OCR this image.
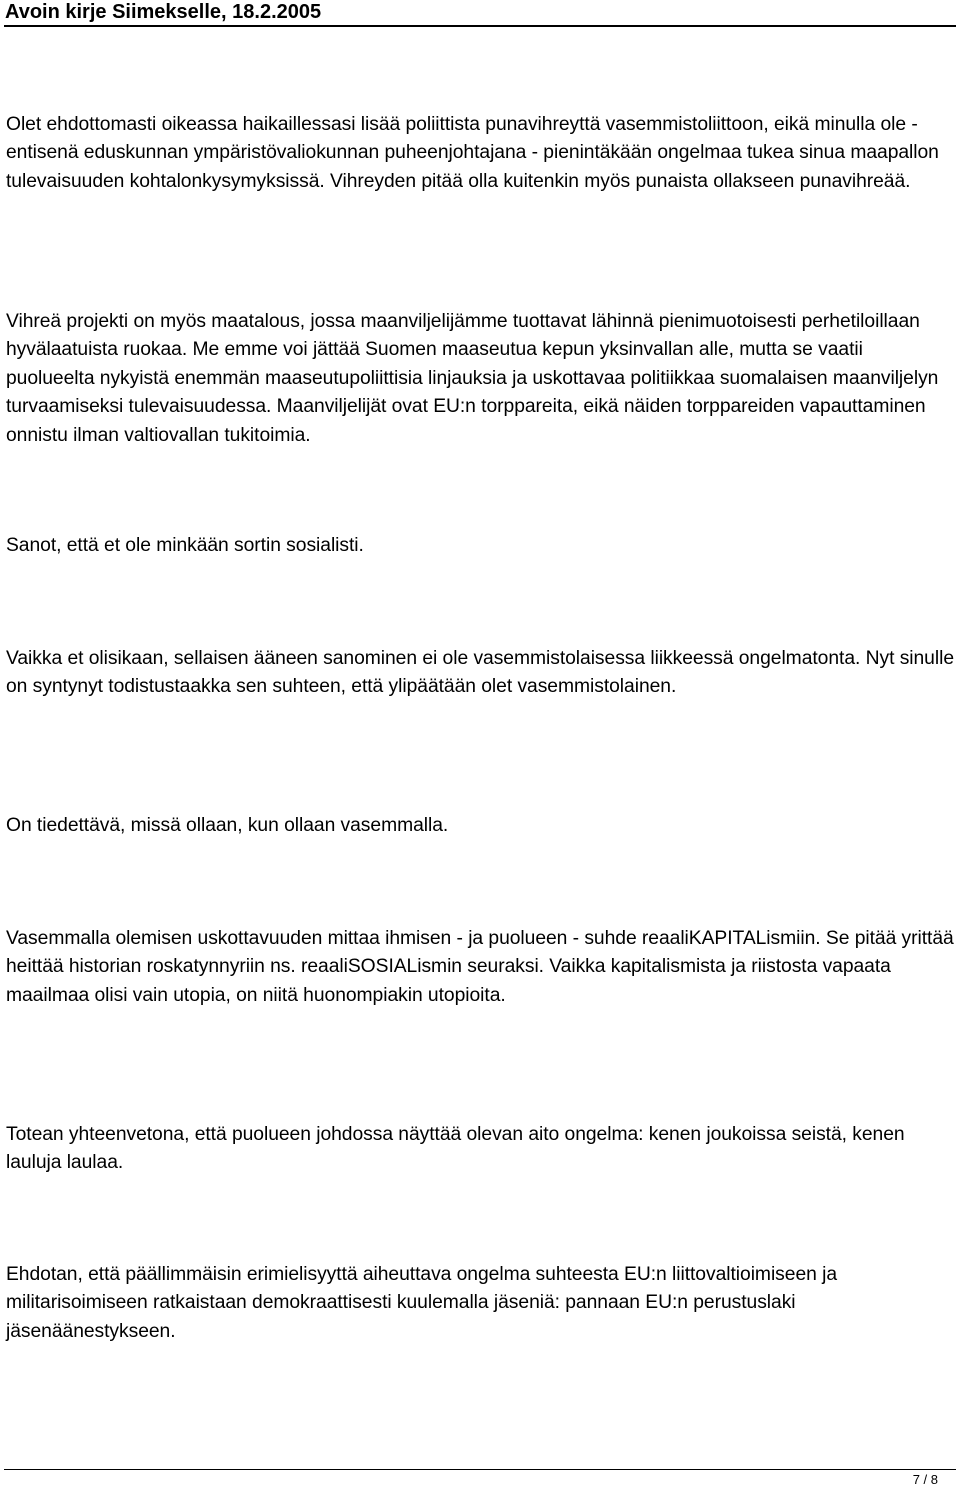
Avoin kirje Siimekselle, 18.2.2005

Olet ehdottomasti oikeassa haikaillessasi lisää poliittista punavihreyttä vasemmistoliittoon, eikä minulla ole - entisenä eduskunnan ympäristövaliokunnan puheenjohtajana - pienintäkään ongelmaa tukea sinua maapallon tulevaisuuden kohtalonkysymyksissä. Vihreyden pitää olla kuitenkin myös punaista ollakseen punavihreää.

Vihreä projekti on myös maatalous, jossa maanviljelijämme tuottavat lähinnä pienimuotoisesti perhetiloillaan hyvälaatuista ruokaa. Me emme voi jättää Suomen maaseutua kepun yksinvallan alle, mutta se vaatii puolueelta nykyistä enemmän maaseutupoliittisia linjauksia ja uskottavaa politiikkaa suomalaisen maanviljelyn turvaamiseksi tulevaisuudessa. Maanviljelijät ovat EU:n torppareita, eikä näiden torppareiden vapauttaminen onnistu ilman valtiovallan tukitoimia.

Sanot, että et ole minkään sortin sosialisti.

Vaikka et olisikaan, sellaisen ääneen sanominen ei ole vasemmistolaisessa liikkeessä ongelmatonta. Nyt sinulle on syntynyt todistustaakka sen suhteen, että ylipäätään olet vasemmistolainen.

On tiedettävä, missä ollaan, kun ollaan vasemmalla.

Vasemmalla olemisen uskottavuuden mittaa ihmisen - ja puolueen - suhde reaaliKAPITALismiin. Se pitää yrittää heittää historian roskatynnyriin ns. reaaliSOSIALismin seuraksi. Vaikka kapitalismista ja riistosta vapaata maailmaa olisi vain utopia, on niitä huonompiakin utopioita.

Totean yhteenvetona, että puolueen johdossa näyttää olevan aito ongelma: kenen joukoissa seistä, kenen lauluja laulaa.

Ehdotan, että päällimmäisin erimielisyyttä aiheuttava ongelma suhteesta EU:n liittovaltioimiseen ja militarisoimiseen ratkaistaan demokraattisesti kuulemalla jäseniä: pannaan EU:n perustuslaki jäsenäänestykseen.

7 / 8
